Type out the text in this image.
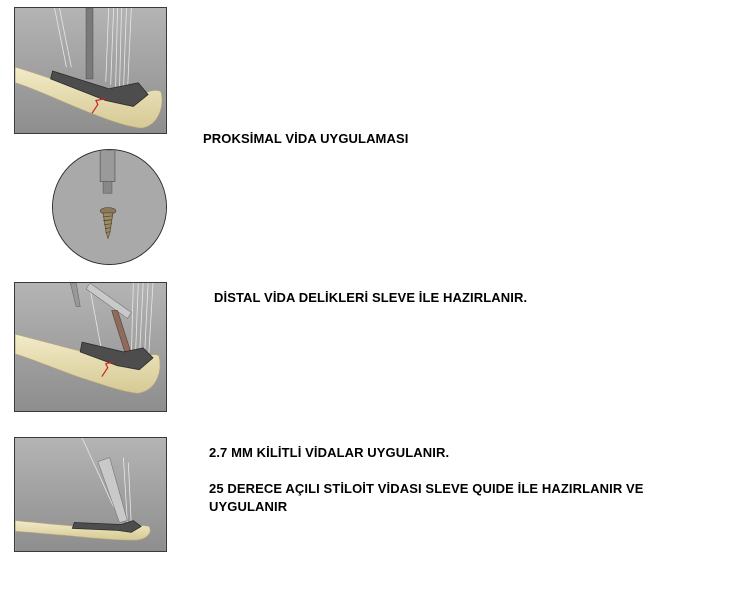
PROKSİMAL VİDA UYGULAMASI
DİSTAL VİDA DELİKLERİ SLEVE İLE HAZIRLANIR.
2.7 MM KİLİTLİ VİDALAR UYGULANIR.
25 DERECE AÇILI STİLOİT VİDASI SLEVE QUIDE İLE HAZIRLANIR VE UYGULANIR
